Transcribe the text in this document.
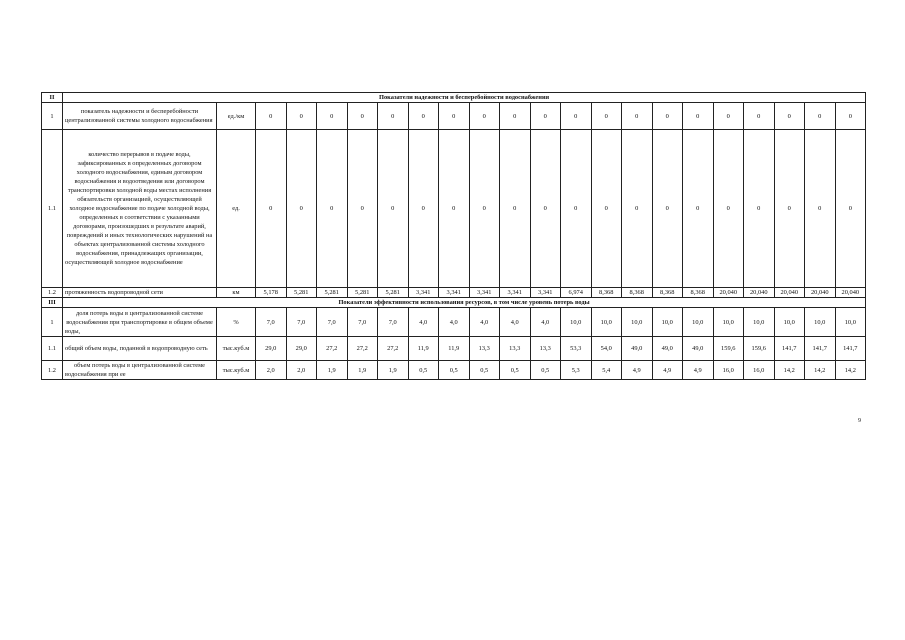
II	Показатели надежности и бесперебойности водоснабжения																					
1	показатель надежности и бесперебойности централизованной системы холодного водоснабжения	ед./км	0	0	0	0	0	0	0	0	0	0	0	0	0	0	0	0	0	0	0	0
1.1	количество перерывов в подаче воды, зафиксированных в определенных договором холодного водоснабжения, единым договором водоснабжения и водоотведения или договором транспортировки холодной воды местах исполнения обязательств организацией, осуществляющей холодное водоснабжение по подаче холодной воды, определенных в соответствии с указанными договорами, произошедших в результате аварий, повреждений и иных технологических нарушений на объектах централизованной системы холодного водоснабжения, принадлежащих организации, осуществляющей холодное водоснабжение	ед.	0	0	0	0	0	0	0	0	0	0	0	0	0	0	0	0	0	0	0	0
1.2	протяженность водопроводной сети	км	5,178	5,281	5,281	5,281	5,281	3,341	3,341	3,341	3,341	3,341	6,974	8,368	8,368	8,368	8,368	20,040	20,040	20,040	20,040	20,040
III	Показатели эффективности использования ресурсов, в том числе уровень потерь воды																					
1	доля потерь воды в централизованной системе водоснабжения при транспортировке в общем объеме воды,	%	7,0	7,0	7,0	7,0	7,0	4,0	4,0	4,0	4,0	4,0	10,0	10,0	10,0	10,0	10,0	10,0	10,0	10,0	10,0	10,0
1.1	общий объем воды, поданной в водопроводную сеть	тыс.куб.м	29,0	29,0	27,2	27,2	27,2	11,9	11,9	13,3	13,3	13,3	53,3	54,0	49,0	49,0	49,0	159,6	159,6	141,7	141,7	141,7
1.2	объем потерь воды в централизованной системе водоснабжения при ее	тыс.куб.м	2,0	2,0	1,9	1,9	1,9	0,5	0,5	0,5	0,5	0,5	5,3	5,4	4,9	4,9	4,9	16,0	16,0	14,2	14,2	14,2
9
